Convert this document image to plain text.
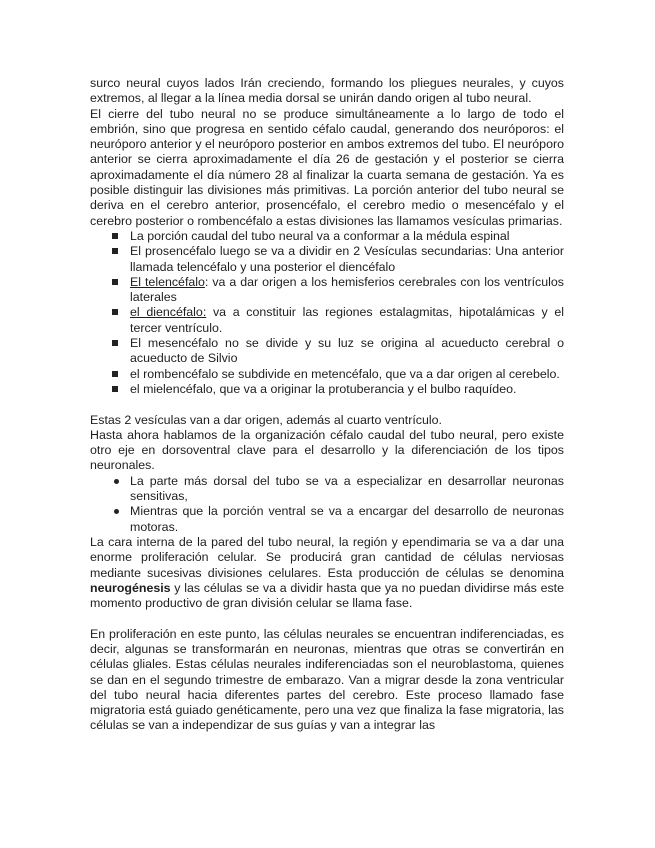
surco neural cuyos lados Irán creciendo, formando los pliegues neurales, y cuyos extremos, al llegar a la línea media dorsal se unirán dando origen al tubo neural.

El cierre del tubo neural no se produce simultáneamente a lo largo de todo el embrión, sino que progresa en sentido céfalo caudal, generando dos neuróporos: el neuróporo anterior y el neuróporo posterior en ambos extremos del tubo. El neuróporo anterior se cierra aproximadamente el día 26 de gestación y el posterior se cierra aproximadamente el día número 28 al finalizar la cuarta semana de gestación. Ya es posible distinguir las divisiones más primitivas. La porción anterior del tubo neural se deriva en el cerebro anterior, prosencéfalo, el cerebro medio o mesencéfalo y el cerebro posterior o rombencéfalo a estas divisiones las llamamos vesículas primarias.

La porción caudal del tubo neural va a conformar a la médula espinal
El prosencéfalo luego se va a dividir en 2 Vesículas secundarias: Una anterior llamada telencéfalo y una posterior el diencéfalo
El telencéfalo: va a dar origen a los hemisferios cerebrales con los ventrículos laterales
el diencéfalo: va a constituir las regiones estalagmitas, hipotalámicas y el tercer ventrículo.
El mesencéfalo no se divide y su luz se origina al acueducto cerebral o acueducto de Silvio
el rombencéfalo se subdivide en metencéfalo, que va a dar origen al cerebelo.
el mielencéfalo, que va a originar la protuberancia y el bulbo raquídeo.

Estas 2 vesículas van a dar origen, además al cuarto ventrículo.

Hasta ahora hablamos de la organización céfalo caudal del tubo neural, pero existe otro eje en dorsoventral clave para el desarrollo y la diferenciación de los tipos neuronales.

La parte más dorsal del tubo se va a especializar en desarrollar neuronas sensitivas,
Mientras que la porción ventral se va a encargar del desarrollo de neuronas motoras.

La cara interna de la pared del tubo neural, la región y ependimaria se va a dar una enorme proliferación celular. Se producirá gran cantidad de células nerviosas mediante sucesivas divisiones celulares. Esta producción de células se denomina neurogénesis y las células se va a dividir hasta que ya no puedan dividirse más este momento productivo de gran división celular se llama fase.

En proliferación en este punto, las células neurales se encuentran indiferenciadas, es decir, algunas se transformarán en neuronas, mientras que otras se convertirán en células gliales. Estas células neurales indiferenciadas son el neuroblastoma, quienes se dan en el segundo trimestre de embarazo. Van a migrar desde la zona ventricular del tubo neural hacia diferentes partes del cerebro. Este proceso llamado fase migratoria está guiado genéticamente, pero una vez que finaliza la fase migratoria, las células se van a independizar de sus guías y van a integrar las
